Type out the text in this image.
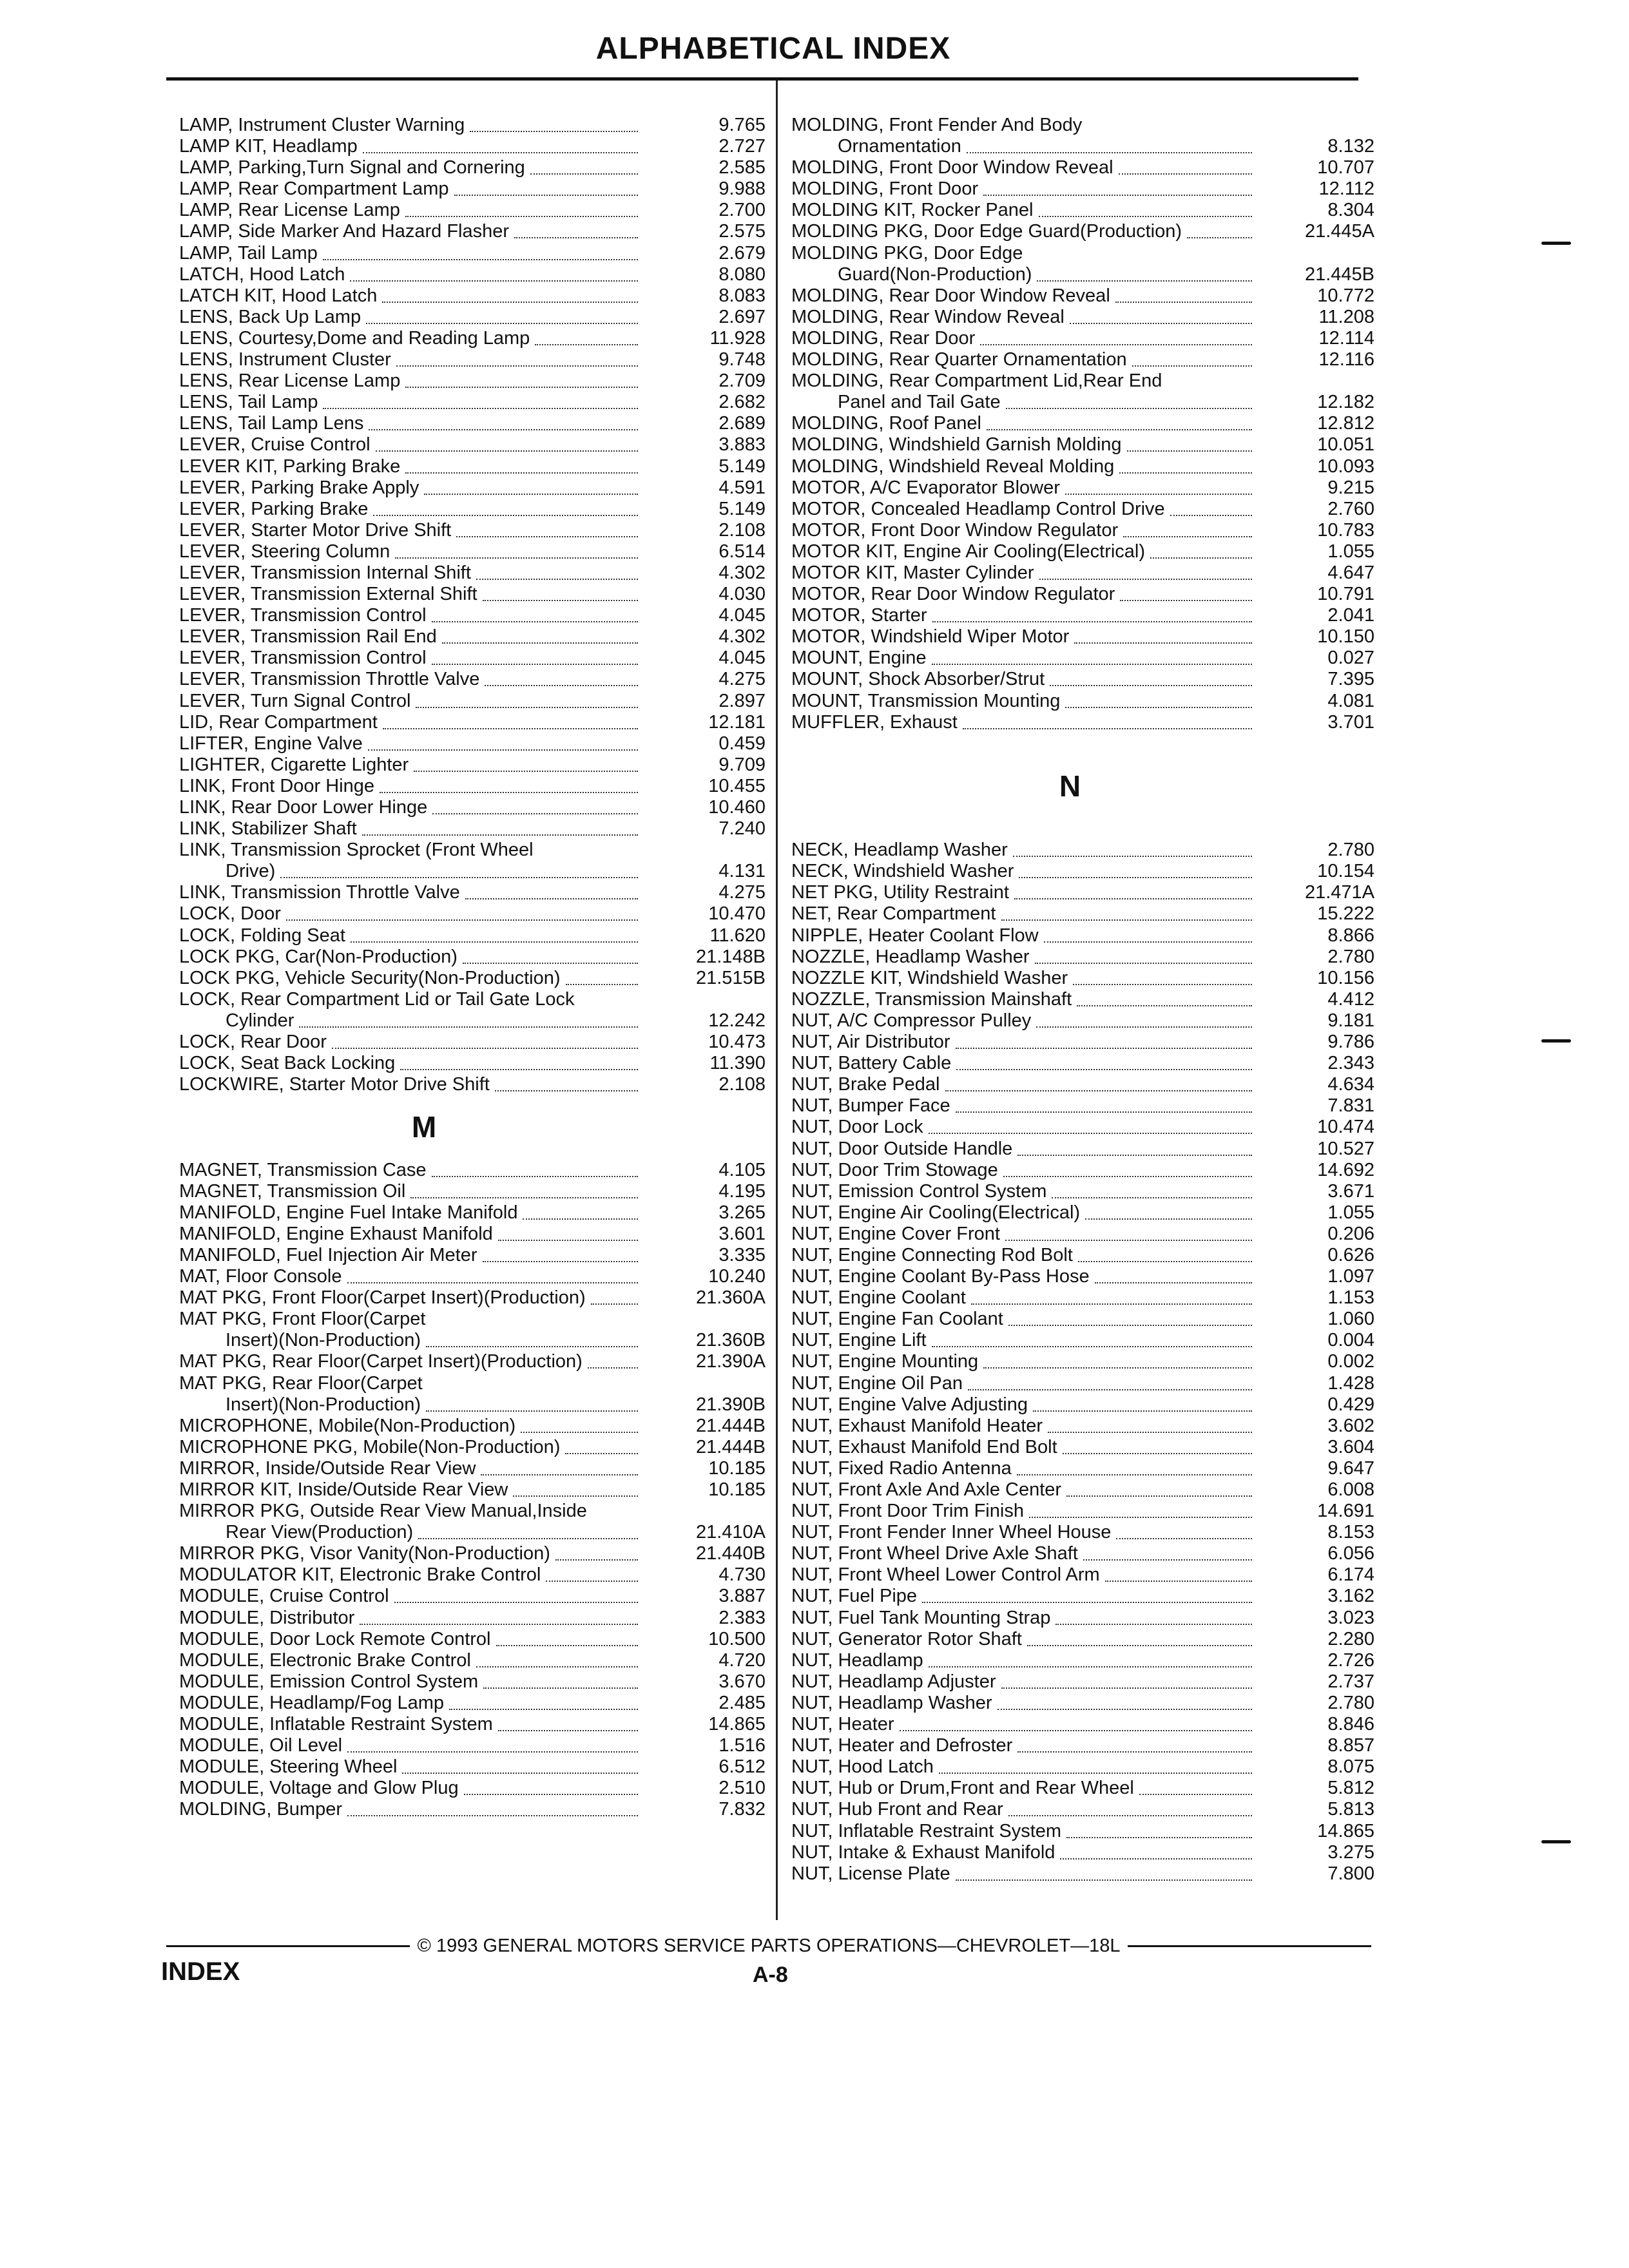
ALPHABETICAL INDEX
LAMP, Instrument Cluster Warning	9.765
LAMP KIT, Headlamp	2.727
LAMP, Parking,Turn Signal and Cornering	2.585
LAMP, Rear Compartment Lamp	9.988
LAMP, Rear License Lamp	2.700
LAMP, Side Marker And Hazard Flasher	2.575
LAMP, Tail Lamp	2.679
LATCH, Hood Latch	8.080
LATCH KIT, Hood Latch	8.083
LENS, Back Up Lamp	2.697
LENS, Courtesy,Dome and Reading Lamp	11.928
LENS, Instrument Cluster	9.748
LENS, Rear License Lamp	2.709
LENS, Tail Lamp	2.682
LENS, Tail Lamp Lens	2.689
LEVER, Cruise Control	3.883
LEVER KIT, Parking Brake	5.149
LEVER, Parking Brake Apply	4.591
LEVER, Parking Brake	5.149
LEVER, Starter Motor Drive Shift	2.108
LEVER, Steering Column	6.514
LEVER, Transmission Internal Shift	4.302
LEVER, Transmission External Shift	4.030
LEVER, Transmission Control	4.045
LEVER, Transmission Rail End	4.302
LEVER, Transmission Control	4.045
LEVER, Transmission Throttle Valve	4.275
LEVER, Turn Signal Control	2.897
LID, Rear Compartment	12.181
LIFTER, Engine Valve	0.459
LIGHTER, Cigarette Lighter	9.709
LINK, Front Door Hinge	10.455
LINK, Rear Door Lower Hinge	10.460
LINK, Stabilizer Shaft	7.240
LINK, Transmission Sprocket (Front Wheel
Drive)	4.131
LINK, Transmission Throttle Valve	4.275
LOCK, Door	10.470
LOCK, Folding Seat	11.620
LOCK PKG, Car(Non-Production)	21.148B
LOCK PKG, Vehicle Security(Non-Production)	21.515B
LOCK, Rear Compartment Lid or Tail Gate Lock
Cylinder	12.242
LOCK, Rear Door	10.473
LOCK, Seat Back Locking	11.390
LOCKWIRE, Starter Motor Drive Shift	2.108
M
MAGNET, Transmission Case	4.105
MAGNET, Transmission Oil	4.195
MANIFOLD, Engine Fuel Intake Manifold	3.265
MANIFOLD, Engine Exhaust Manifold	3.601
MANIFOLD, Fuel Injection Air Meter	3.335
MAT, Floor Console	10.240
MAT PKG, Front Floor(Carpet Insert)(Production)	21.360A
MAT PKG, Front Floor(Carpet
Insert)(Non-Production)	21.360B
MAT PKG, Rear Floor(Carpet Insert)(Production)	21.390A
MAT PKG, Rear Floor(Carpet
Insert)(Non-Production)	21.390B
MICROPHONE, Mobile(Non-Production)	21.444B
MICROPHONE PKG, Mobile(Non-Production)	21.444B
MIRROR, Inside/Outside Rear View	10.185
MIRROR KIT, Inside/Outside Rear View	10.185
MIRROR PKG, Outside Rear View Manual,Inside
Rear View(Production)	21.410A
MIRROR PKG, Visor Vanity(Non-Production)	21.440B
MODULATOR KIT, Electronic Brake Control	4.730
MODULE, Cruise Control	3.887
MODULE, Distributor	2.383
MODULE, Door Lock Remote Control	10.500
MODULE, Electronic Brake Control	4.720
MODULE, Emission Control System	3.670
MODULE, Headlamp/Fog Lamp	2.485
MODULE, Inflatable Restraint System	14.865
MODULE, Oil Level	1.516
MODULE, Steering Wheel	6.512
MODULE, Voltage and Glow Plug	2.510
MOLDING, Bumper	7.832
MOLDING, Front Fender And Body
Ornamentation	8.132
MOLDING, Front Door Window Reveal	10.707
MOLDING, Front Door	12.112
MOLDING KIT, Rocker Panel	8.304
MOLDING PKG, Door Edge Guard(Production)	21.445A
MOLDING PKG, Door Edge
Guard(Non-Production)	21.445B
MOLDING, Rear Door Window Reveal	10.772
MOLDING, Rear Window Reveal	11.208
MOLDING, Rear Door	12.114
MOLDING, Rear Quarter Ornamentation	12.116
MOLDING, Rear Compartment Lid,Rear End
Panel and Tail Gate	12.182
MOLDING, Roof Panel	12.812
MOLDING, Windshield Garnish Molding	10.051
MOLDING, Windshield Reveal Molding	10.093
MOTOR, A/C Evaporator Blower	9.215
MOTOR, Concealed Headlamp Control Drive	2.760
MOTOR, Front Door Window Regulator	10.783
MOTOR KIT, Engine Air Cooling(Electrical)	1.055
MOTOR KIT, Master Cylinder	4.647
MOTOR, Rear Door Window Regulator	10.791
MOTOR, Starter	2.041
MOTOR, Windshield Wiper Motor	10.150
MOUNT, Engine	0.027
MOUNT, Shock Absorber/Strut	7.395
MOUNT, Transmission Mounting	4.081
MUFFLER, Exhaust	3.701
N
NECK, Headlamp Washer	2.780
NECK, Windshield Washer	10.154
NET PKG, Utility Restraint	21.471A
NET, Rear Compartment	15.222
NIPPLE, Heater Coolant Flow	8.866
NOZZLE, Headlamp Washer	2.780
NOZZLE KIT, Windshield Washer	10.156
NOZZLE, Transmission Mainshaft	4.412
NUT, A/C Compressor Pulley	9.181
NUT, Air Distributor	9.786
NUT, Battery Cable	2.343
NUT, Brake Pedal	4.634
NUT, Bumper Face	7.831
NUT, Door Lock	10.474
NUT, Door Outside Handle	10.527
NUT, Door Trim Stowage	14.692
NUT, Emission Control System	3.671
NUT, Engine Air Cooling(Electrical)	1.055
NUT, Engine Cover Front	0.206
NUT, Engine Connecting Rod Bolt	0.626
NUT, Engine Coolant By-Pass Hose	1.097
NUT, Engine Coolant	1.153
NUT, Engine Fan Coolant	1.060
NUT, Engine Lift	0.004
NUT, Engine Mounting	0.002
NUT, Engine Oil Pan	1.428
NUT, Engine Valve Adjusting	0.429
NUT, Exhaust Manifold Heater	3.602
NUT, Exhaust Manifold End Bolt	3.604
NUT, Fixed Radio Antenna	9.647
NUT, Front Axle And Axle Center	6.008
NUT, Front Door Trim Finish	14.691
NUT, Front Fender Inner Wheel House	8.153
NUT, Front Wheel Drive Axle Shaft	6.056
NUT, Front Wheel Lower Control Arm	6.174
NUT, Fuel Pipe	3.162
NUT, Fuel Tank Mounting Strap	3.023
NUT, Generator Rotor Shaft	2.280
NUT, Headlamp	2.726
NUT, Headlamp Adjuster	2.737
NUT, Headlamp Washer	2.780
NUT, Heater	8.846
NUT, Heater and Defroster	8.857
NUT, Hood Latch	8.075
NUT, Hub or Drum,Front and Rear Wheel	5.812
NUT, Hub Front and Rear	5.813
NUT, Inflatable Restraint System	14.865
NUT, Intake & Exhaust Manifold	3.275
NUT, License Plate	7.800
© 1993 GENERAL MOTORS SERVICE PARTS OPERATIONS—CHEVROLET—18L
INDEX	A-8
